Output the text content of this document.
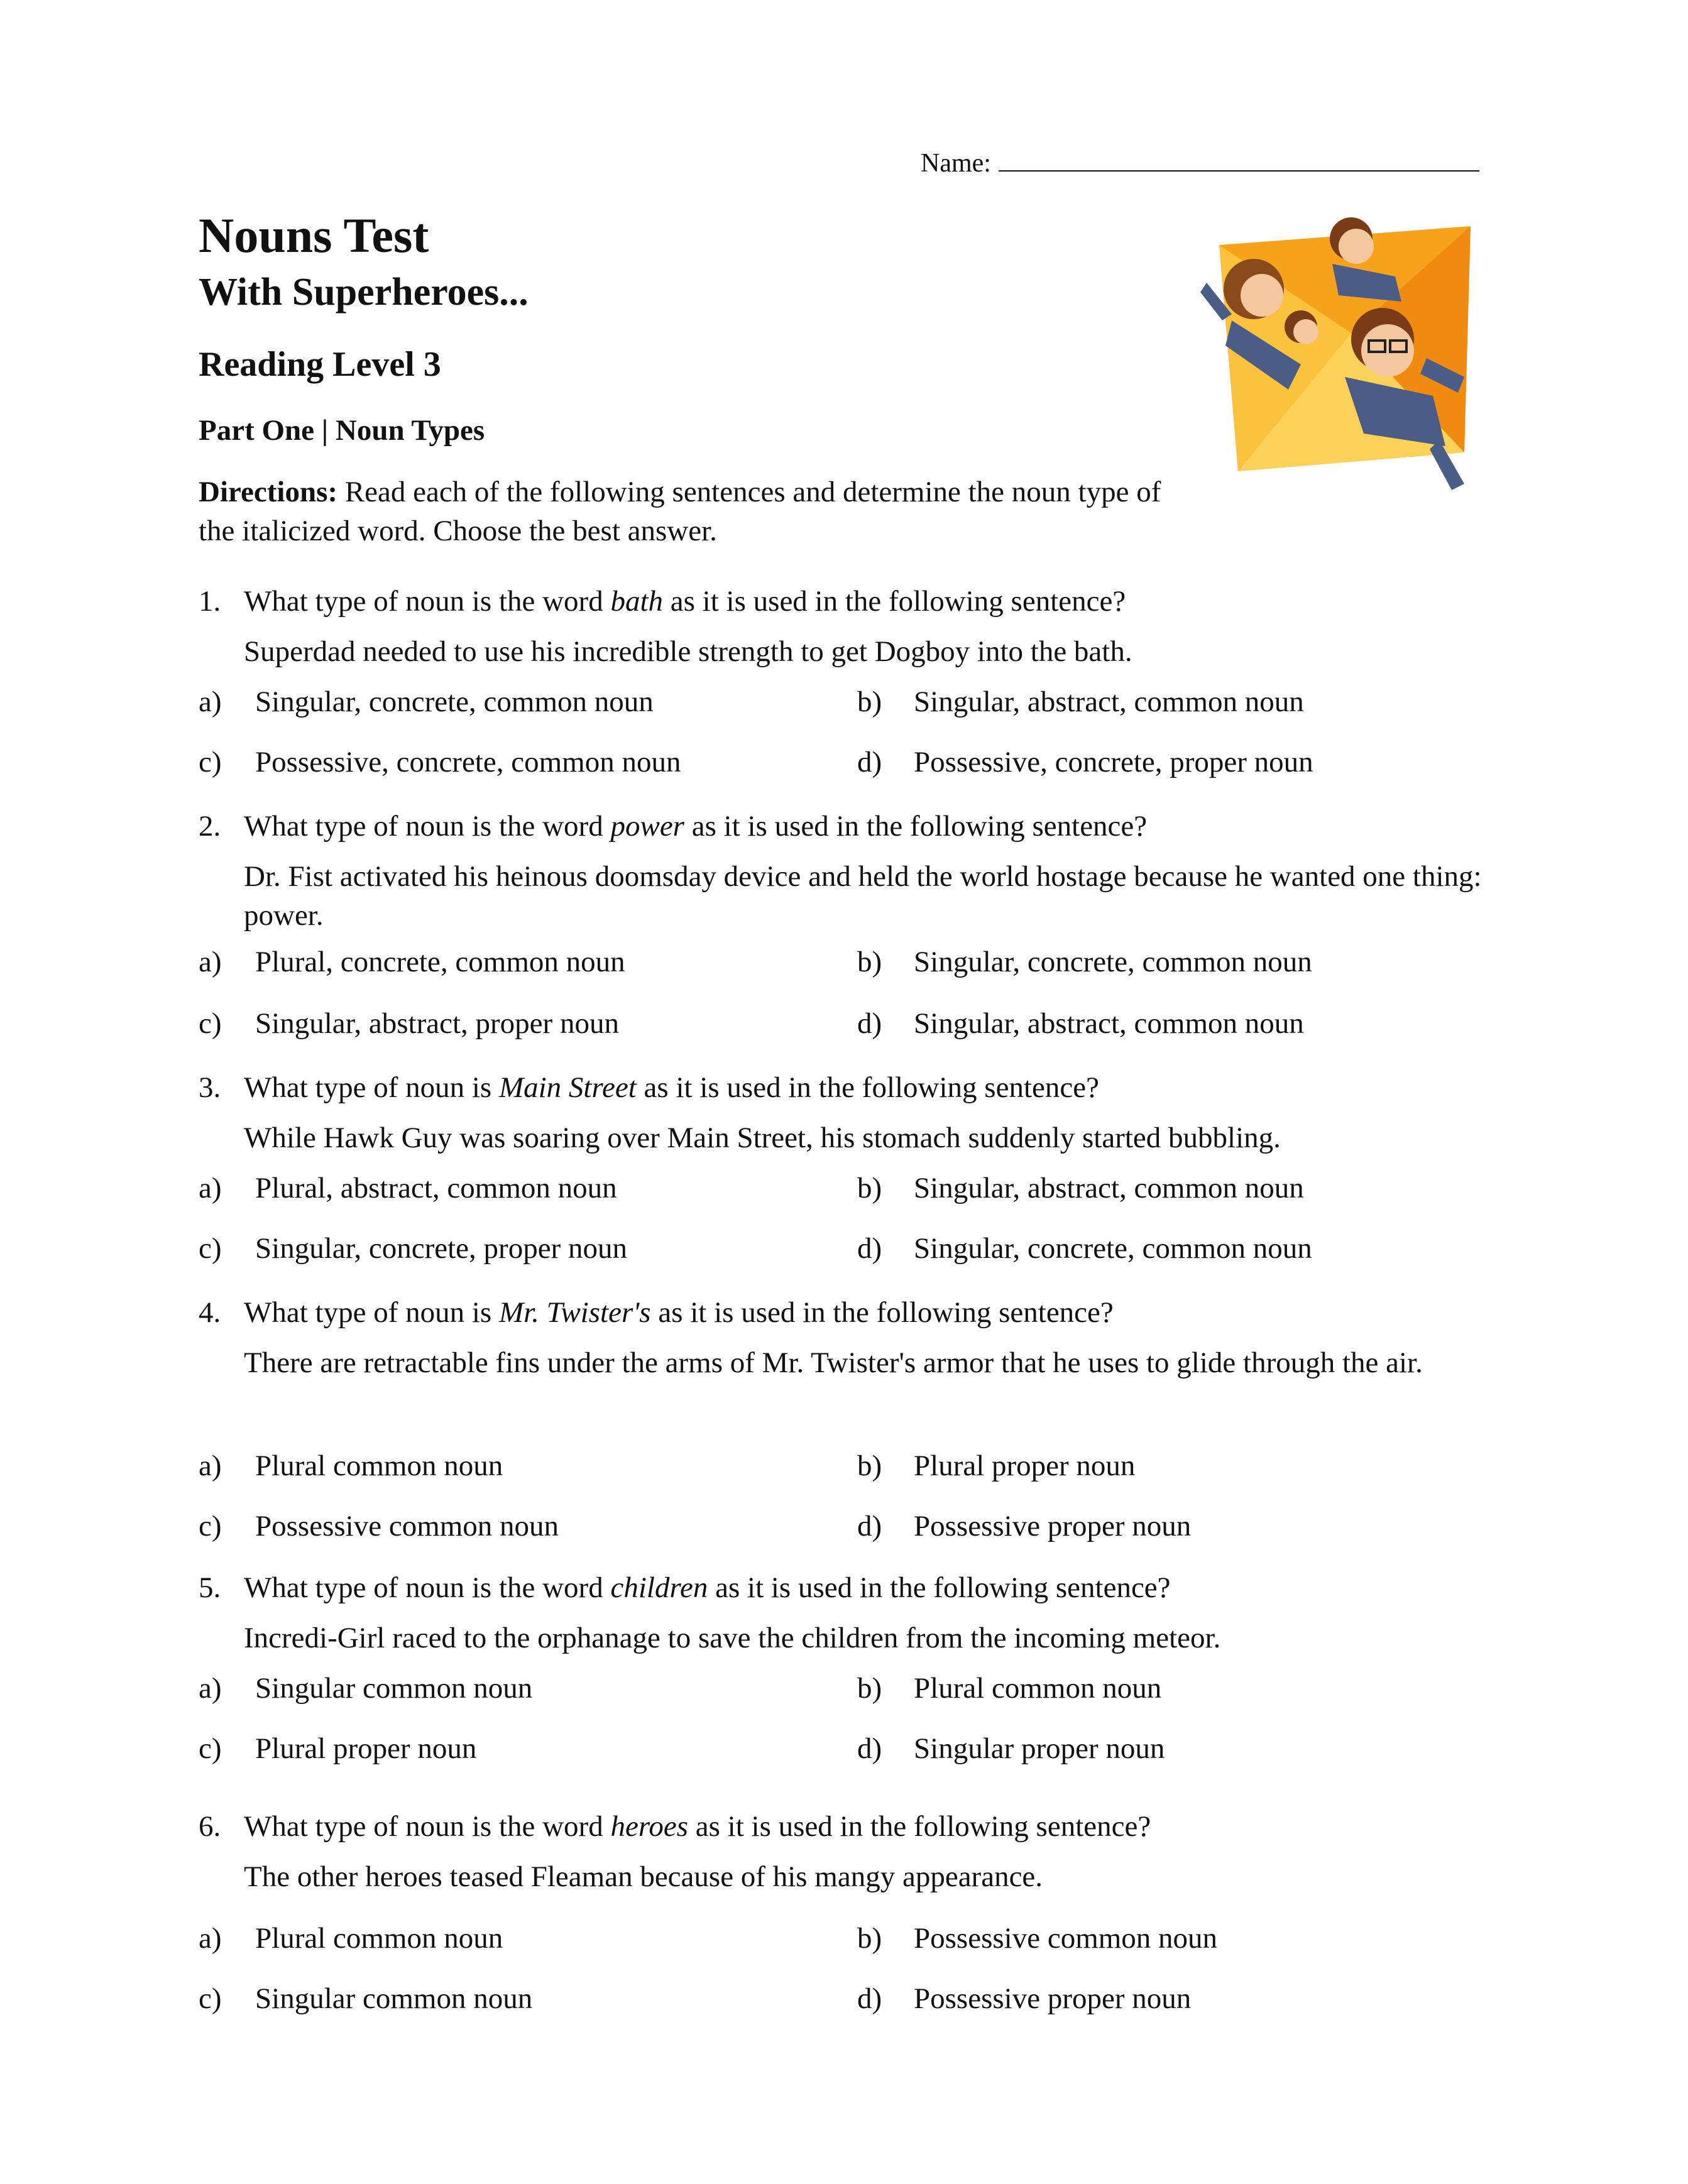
Name:
Nouns Test
With Superheroes...
Reading Level 3
Part One | Noun Types
Directions: Read each of the following sentences and determine the noun type of the italicized word. Choose the best answer.
1. What type of noun is the word bath as it is used in the following sentence?
Superdad needed to use his incredible strength to get Dogboy into the bath.
a) Singular, concrete, common noun	b) Singular, abstract, common noun
c) Possessive, concrete, common noun	d) Possessive, concrete, proper noun
2. What type of noun is the word power as it is used in the following sentence?
Dr. Fist activated his heinous doomsday device and held the world hostage because he wanted one thing: power.
a) Plural, concrete, common noun	b) Singular, concrete, common noun
c) Singular, abstract, proper noun	d) Singular, abstract, common noun
3. What type of noun is Main Street as it is used in the following sentence?
While Hawk Guy was soaring over Main Street, his stomach suddenly started bubbling.
a) Plural, abstract, common noun	b) Singular, abstract, common noun
c) Singular, concrete, proper noun	d) Singular, concrete, common noun
4. What type of noun is Mr. Twister's as it is used in the following sentence?
There are retractable fins under the arms of Mr. Twister's armor that he uses to glide through the air.
a) Plural common noun	b) Plural proper noun
c) Possessive common noun	d) Possessive proper noun
5. What type of noun is the word children as it is used in the following sentence?
Incredi-Girl raced to the orphanage to save the children from the incoming meteor.
a) Singular common noun	b) Plural common noun
c) Plural proper noun	d) Singular proper noun
6. What type of noun is the word heroes as it is used in the following sentence?
The other heroes teased Fleaman because of his mangy appearance.
a) Plural common noun	b) Possessive common noun
c) Singular common noun	d) Possessive proper noun
